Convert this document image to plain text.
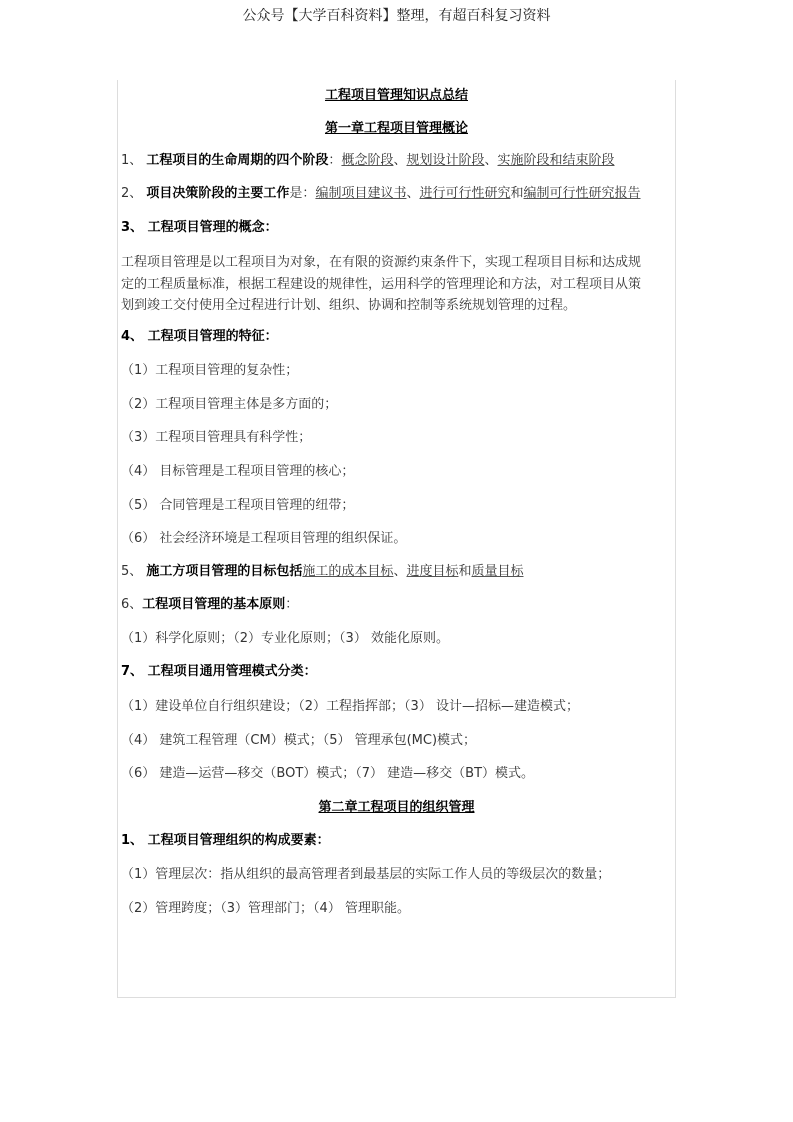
公众号【大学百科资料】整理，有超百科复习资料
工程项目管理知识点总结
第一章工程项目管理概论
1、 工程项目的生命周期的四个阶段：概念阶段、规划设计阶段、实施阶段和结束阶段
2、 项目决策阶段的主要工作是：编制项目建议书、进行可行性研究和编制可行性研究报告
3、 工程项目管理的概念：
工程项目管理是以工程项目为对象，在有限的资源约束条件下，实现工程项目目标和达成规
定的工程质量标准，根据工程建设的规律性，运用科学的管理理论和方法，对工程项目从策
划到竣工交付使用全过程进行计划、组织、协调和控制等系统规划管理的过程。
4、 工程项目管理的特征：
（1）工程项目管理的复杂性；
（2）工程项目管理主体是多方面的；
（3）工程项目管理具有科学性；
（4） 目标管理是工程项目管理的核心；
（5） 合同管理是工程项目管理的纽带；
（6） 社会经济环境是工程项目管理的组织保证。
5、 施工方项目管理的目标包括施工的成本目标、进度目标和质量目标
6、工程项目管理的基本原则：
（1）科学化原则；（2）专业化原则；（3） 效能化原则。
7、 工程项目通用管理模式分类：
（1）建设单位自行组织建设；（2）工程指挥部；（3） 设计—招标—建造模式；
（4） 建筑工程管理（CM）模式；（5） 管理承包(MC)模式；
（6） 建造—运营—移交（BOT）模式；（7） 建造—移交（BT）模式。
第二章工程项目的组织管理
1、 工程项目管理组织的构成要素：
（1）管理层次：指从组织的最高管理者到最基层的实际工作人员的等级层次的数量；
（2）管理跨度；（3）管理部门；（4） 管理职能。
